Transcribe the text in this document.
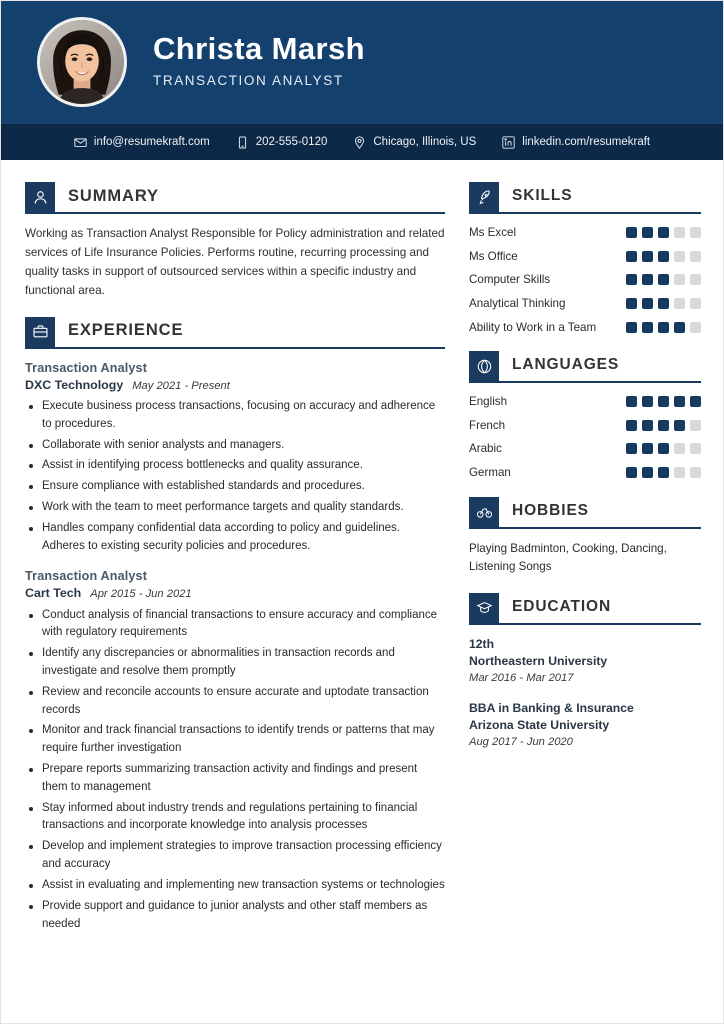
Christa Marsh
TRANSACTION ANALYST
info@resumekraft.com	202-555-0120	Chicago, Illinois, US	linkedin.com/resumekraft
SUMMARY
Working as Transaction Analyst Responsible for Policy administration and related services of Life Insurance Policies. Performs routine, recurring processing and quality tasks in support of outsourced services within a specific industry and functional area.
EXPERIENCE
Transaction Analyst
DXC Technology May 2021 - Present
Execute business process transactions, focusing on accuracy and adherence to procedures.
Collaborate with senior analysts and managers.
Assist in identifying process bottlenecks and quality assurance.
Ensure compliance with established standards and procedures.
Work with the team to meet performance targets and quality standards.
Handles company confidential data according to policy and guidelines. Adheres to existing security policies and procedures.
Transaction Analyst
Cart Tech Apr 2015 - Jun 2021
Conduct analysis of financial transactions to ensure accuracy and compliance with regulatory requirements
Identify any discrepancies or abnormalities in transaction records and investigate and resolve them promptly
Review and reconcile accounts to ensure accurate and uptodate transaction records
Monitor and track financial transactions to identify trends or patterns that may require further investigation
Prepare reports summarizing transaction activity and findings and present them to management
Stay informed about industry trends and regulations pertaining to financial transactions and incorporate knowledge into analysis processes
Develop and implement strategies to improve transaction processing efficiency and accuracy
Assist in evaluating and implementing new transaction systems or technologies
Provide support and guidance to junior analysts and other staff members as needed
SKILLS
Ms Excel
Ms Office
Computer Skills
Analytical Thinking
Ability to Work in a Team
LANGUAGES
English
French
Arabic
German
HOBBIES
Playing Badminton, Cooking, Dancing, Listening Songs
EDUCATION
12th
Northeastern University
Mar 2016 - Mar 2017
BBA in Banking & Insurance
Arizona State University
Aug 2017 - Jun 2020
